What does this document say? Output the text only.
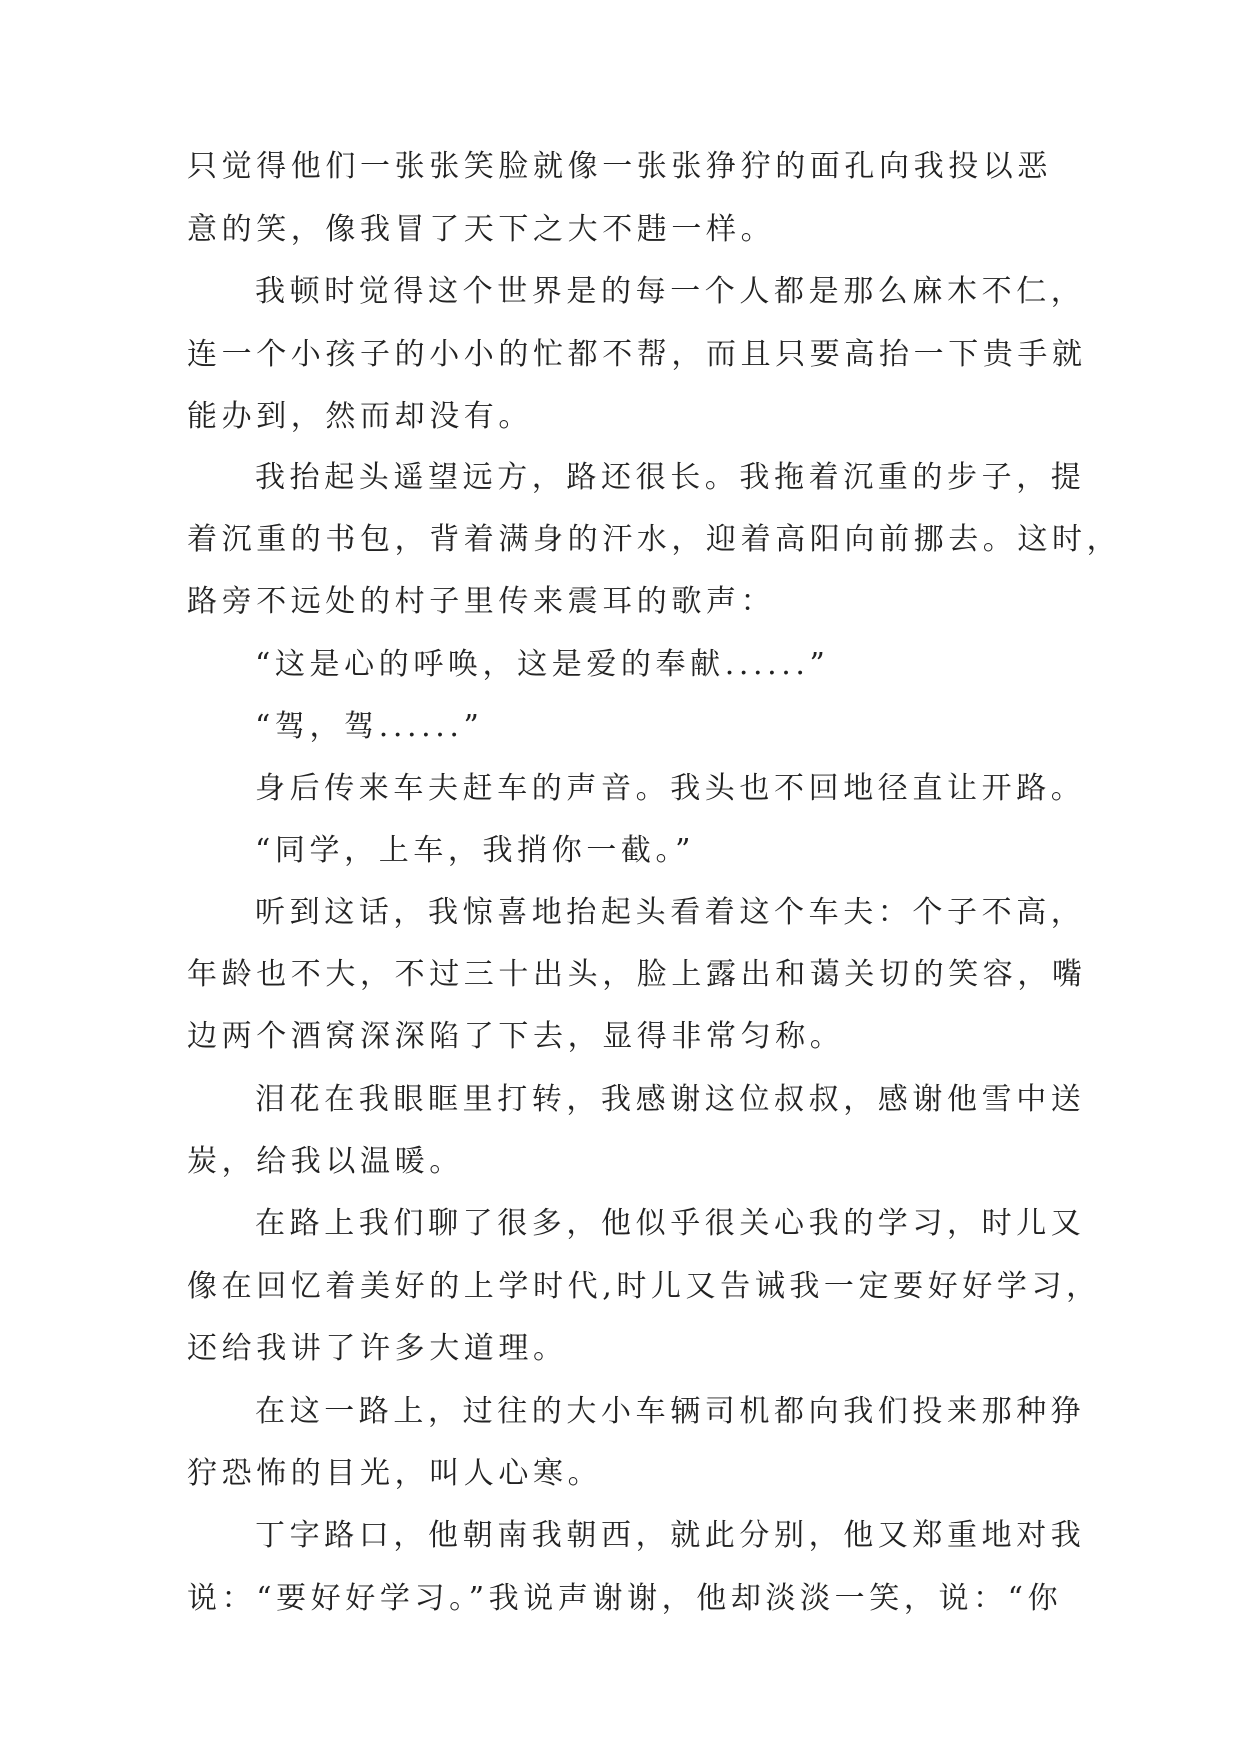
只觉得他们一张张笑脸就像一张张狰狞的面孔向我投以恶
意的笑，像我冒了天下之大不韪一样。
我顿时觉得这个世界是的每一个人都是那么麻木不仁，
连一个小孩子的小小的忙都不帮，而且只要高抬一下贵手就
能办到，然而却没有。
我抬起头遥望远方，路还很长。我拖着沉重的步子，提
着沉重的书包，背着满身的汗水，迎着高阳向前挪去。这时，
路旁不远处的村子里传来震耳的歌声：
“这是心的呼唤，这是爱的奉献......”
“驾，驾......”
身后传来车夫赶车的声音。我头也不回地径直让开路。
“同学，上车，我捎你一截。”
听到这话，我惊喜地抬起头看着这个车夫：个子不高，
年龄也不大，不过三十出头，脸上露出和蔼关切的笑容，嘴
边两个酒窝深深陷了下去，显得非常匀称。
泪花在我眼眶里打转，我感谢这位叔叔，感谢他雪中送
炭，给我以温暖。
在路上我们聊了很多，他似乎很关心我的学习，时儿又
像在回忆着美好的上学时代,时儿又告诫我一定要好好学习，
还给我讲了许多大道理。
在这一路上，过往的大小车辆司机都向我们投来那种狰
狞恐怖的目光，叫人心寒。
丁字路口，他朝南我朝西，就此分别，他又郑重地对我
说：“要好好学习。”我说声谢谢，他却淡淡一笑，说：“你
